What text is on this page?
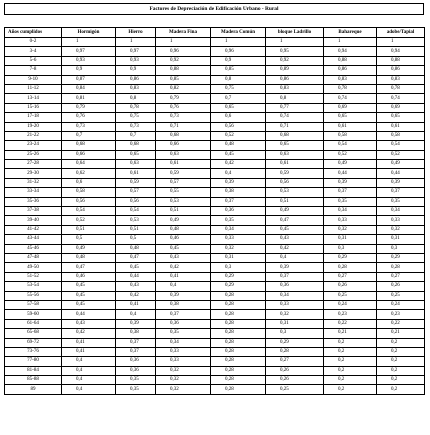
Factores de Depreciación de Edificación Urbano - Rural
Años cumplidos	Hormigón	Hierro	Madera Fina	Madera Común	bloque Ladrillo	Bahareque	adobe/Tapial
0-2	1	1	1	1	1	1	1
3-4	0,97	0,97	0,96	0,96	0,95	0,94	0,94
5-6	0,93	0,93	0,92	0,9	0,92	0,88	0,88
7-8	0,9	0,9	0,88	0,85	0,89	0,86	0,86
9-10	0,87	0,86	0,85	0,8	0,86	0,83	0,83
11-12	0,84	0,83	0,82	0,75	0,83	0,78	0,78
13-14	0,81	0,8	0,79	0,7	0,8	0,74	0,74
15-16	0,79	0,78	0,76	0,65	0,77	0,69	0,69
17-18	0,76	0,75	0,73	0,6	0,74	0,65	0,65
19-20	0,73	0,73	0,71	0,56	0,71	0,61	0,61
21-22	0,7	0,7	0,68	0,52	0,68	0,58	0,58
23-24	0,68	0,68	0,66	0,48	0,65	0,54	0,54
25-26	0,66	0,65	0,63	0,45	0,63	0,52	0,52
27-28	0,64	0,63	0,61	0,42	0,61	0,49	0,49
29-30	0,62	0,61	0,59	0,4	0,59	0,44	0,44
31-32	0,6	0,59	0,57	0,39	0,56	0,39	0,39
33-34	0,58	0,57	0,55	0,38	0,53	0,37	0,37
35-36	0,56	0,56	0,53	0,37	0,51	0,35	0,35
37-38	0,54	0,54	0,51	0,36	0,49	0,34	0,34
39-40	0,52	0,53	0,49	0,35	0,47	0,33	0,33
41-42	0,51	0,51	0,48	0,34	0,45	0,32	0,32
43-44	0,5	0,5	0,46	0,33	0,43	0,31	0,31
45-46	0,49	0,48	0,45	0,32	0,42	0,3	0,3
47-48	0,48	0,47	0,43	0,31	0,4	0,29	0,29
49-50	0,47	0,45	0,42	0,3	0,39	0,28	0,28
51-52	0,46	0,44	0,41	0,29	0,37	0,27	0,27
53-54	0,45	0,43	0,4	0,29	0,36	0,26	0,26
55-56	0,45	0,42	0,39	0,28	0,34	0,25	0,25
57-58	0,45	0,41	0,38	0,28	0,33	0,24	0,24
59-60	0,44	0,4	0,37	0,28	0,32	0,23	0,23
61-64	0,43	0,39	0,36	0,28	0,31	0,22	0,22
65-68	0,42	0,38	0,35	0,28	0,3	0,21	0,21
69-72	0,41	0,37	0,34	0,28	0,29	0,2	0,2
73-76	0,41	0,37	0,33	0,28	0,28	0,2	0,2
77-80	0,4	0,36	0,33	0,28	0,27	0,2	0,2
81-84	0,4	0,36	0,32	0,28	0,26	0,2	0,2
85-88	0,4	0,35	0,32	0,28	0,26	0,2	0,2
89	0,4	0,35	0,32	0,28	0,25	0,2	0,2
